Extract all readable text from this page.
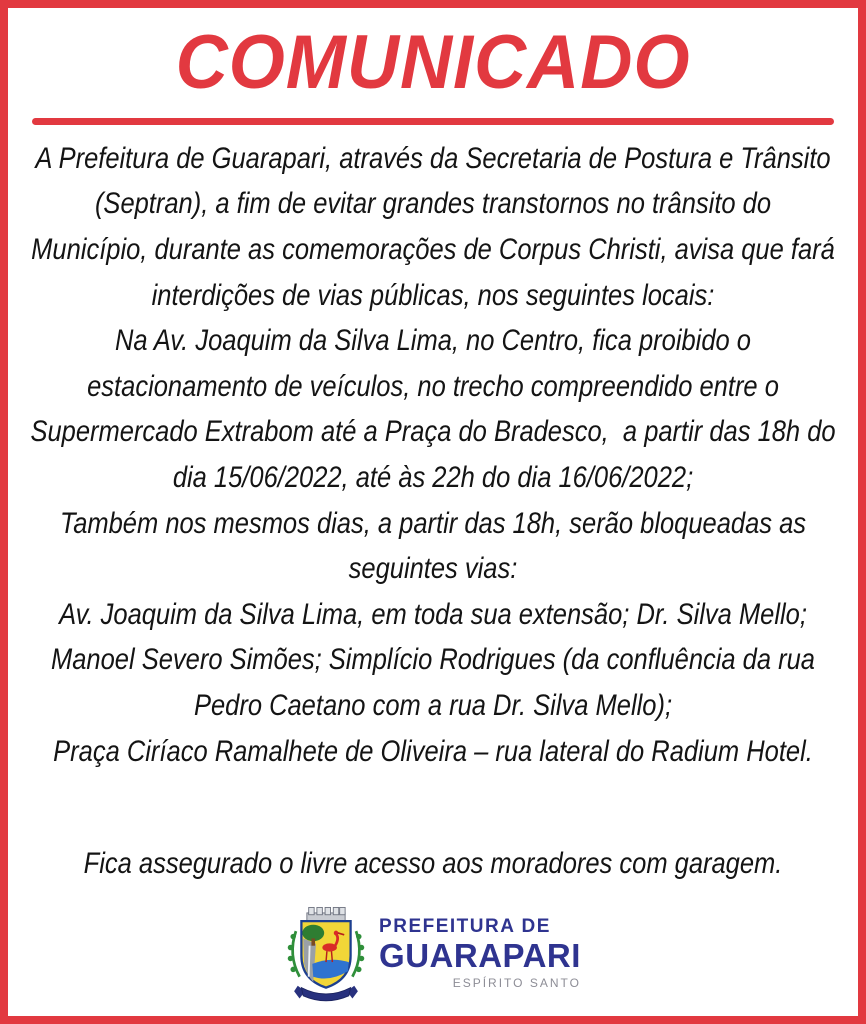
COMUNICADO
A Prefeitura de Guarapari, através da Secretaria de Postura e Trânsito
(Septran), a fim de evitar grandes transtornos no trânsito do
Município, durante as comemorações de Corpus Christi, avisa que fará
interdições de vias públicas, nos seguintes locais:
Na Av. Joaquim da Silva Lima, no Centro, fica proibido o
estacionamento de veículos, no trecho compreendido entre o
Supermercado Extrabom até a Praça do Bradesco,  a partir das 18h do
dia 15/06/2022, até às 22h do dia 16/06/2022;
Também nos mesmos dias, a partir das 18h, serão bloqueadas as
seguintes vias:
Av. Joaquim da Silva Lima, em toda sua extensão; Dr. Silva Mello;
Manoel Severo Simões; Simplício Rodrigues (da confluência da rua
Pedro Caetano com a rua Dr. Silva Mello);
Praça Ciríaco Ramalhete de Oliveira – rua lateral do Radium Hotel.
Fica assegurado o livre acesso aos moradores com garagem.
PREFEITURA DE
GUARAPARI
ESPÍRITO SANTO
